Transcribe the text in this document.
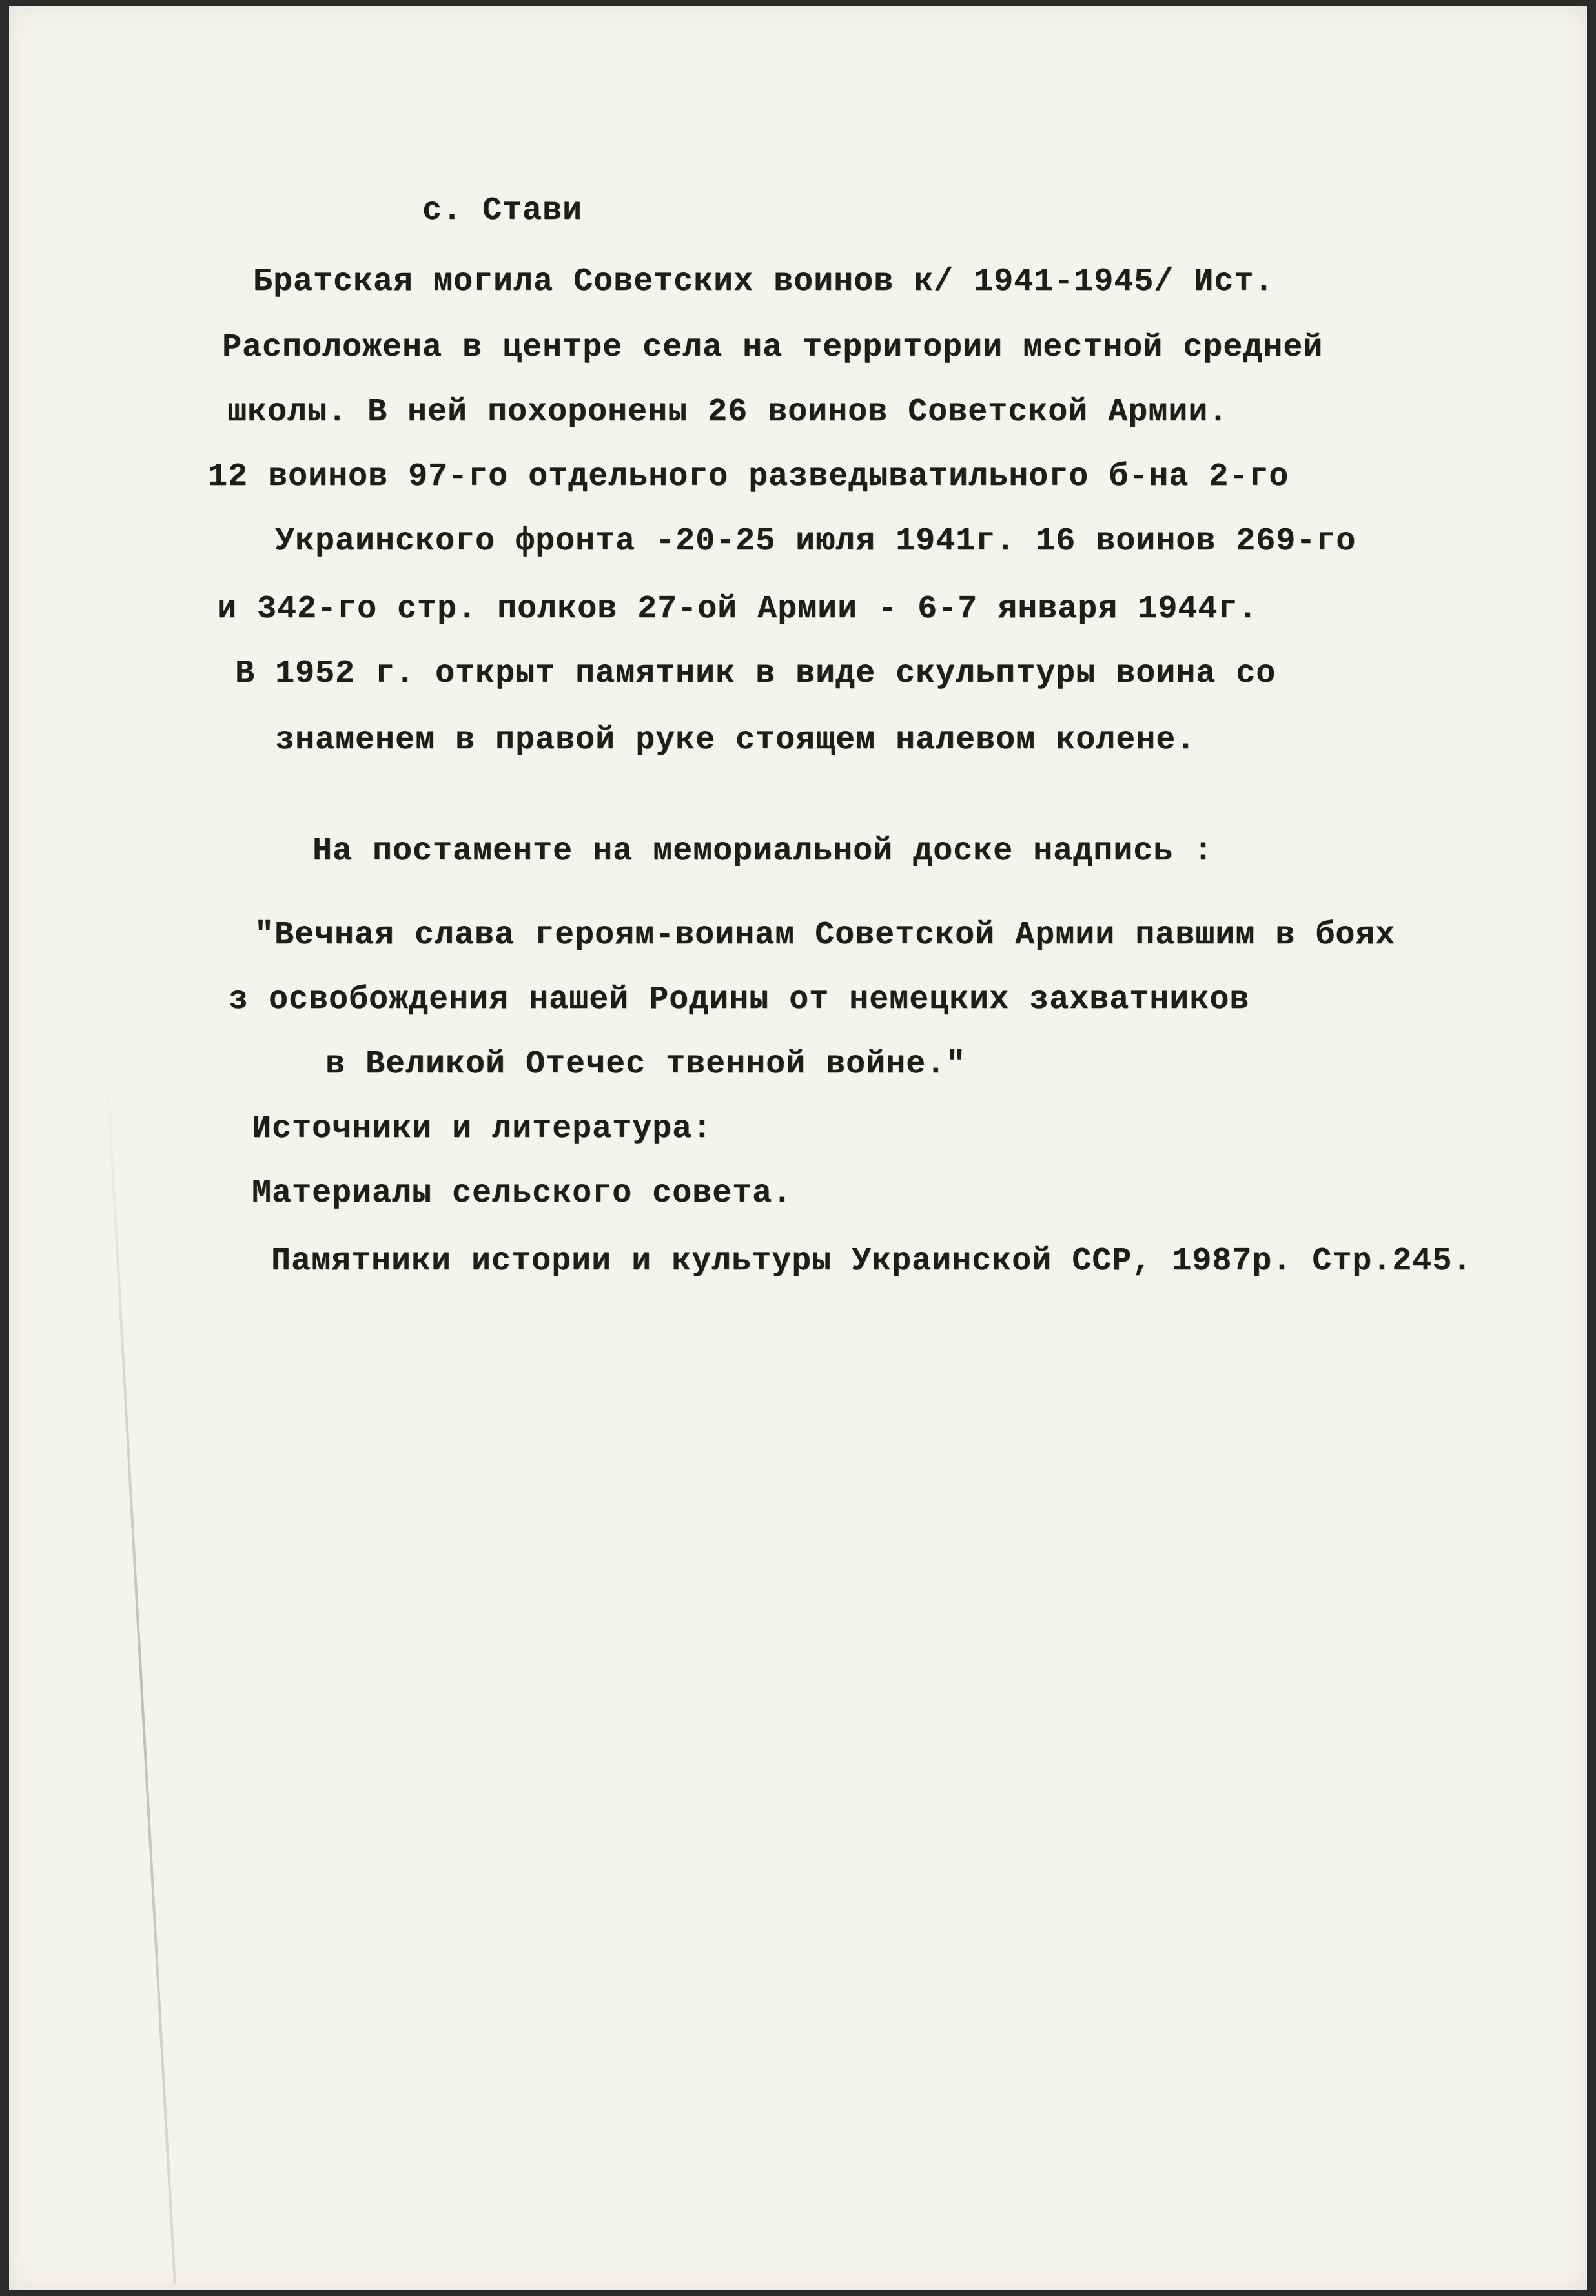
с. Стави
Братская могила Советских воинов к/ 1941-1945/ Ист.
Расположена в центре села на территории местной средней
школы. В ней похоронены 26 воинов Советской Армии.
12 воинов 97-го отдельного разведыватильного б-на 2-го
Украинского фронта -20-25 июля 1941г. 16 воинов 269-го
и 342-го стр. полков 27-ой Армии - 6-7 января 1944г.
В 1952 г. открыт памятник в виде скульптуры воина со
знаменем в правой руке стоящем налевом колене.
На постаменте на мемориальной доске надпись :
"Вечная слава героям-воинам Советской Армии павшим в боях
з освобождения нашей Родины от немецких захватников
в Великой Отечес твенной войне."
Источники и литература:
Материалы сельского совета.
Памятники истории и культуры Украинской ССР, 1987р. Стр.245.
